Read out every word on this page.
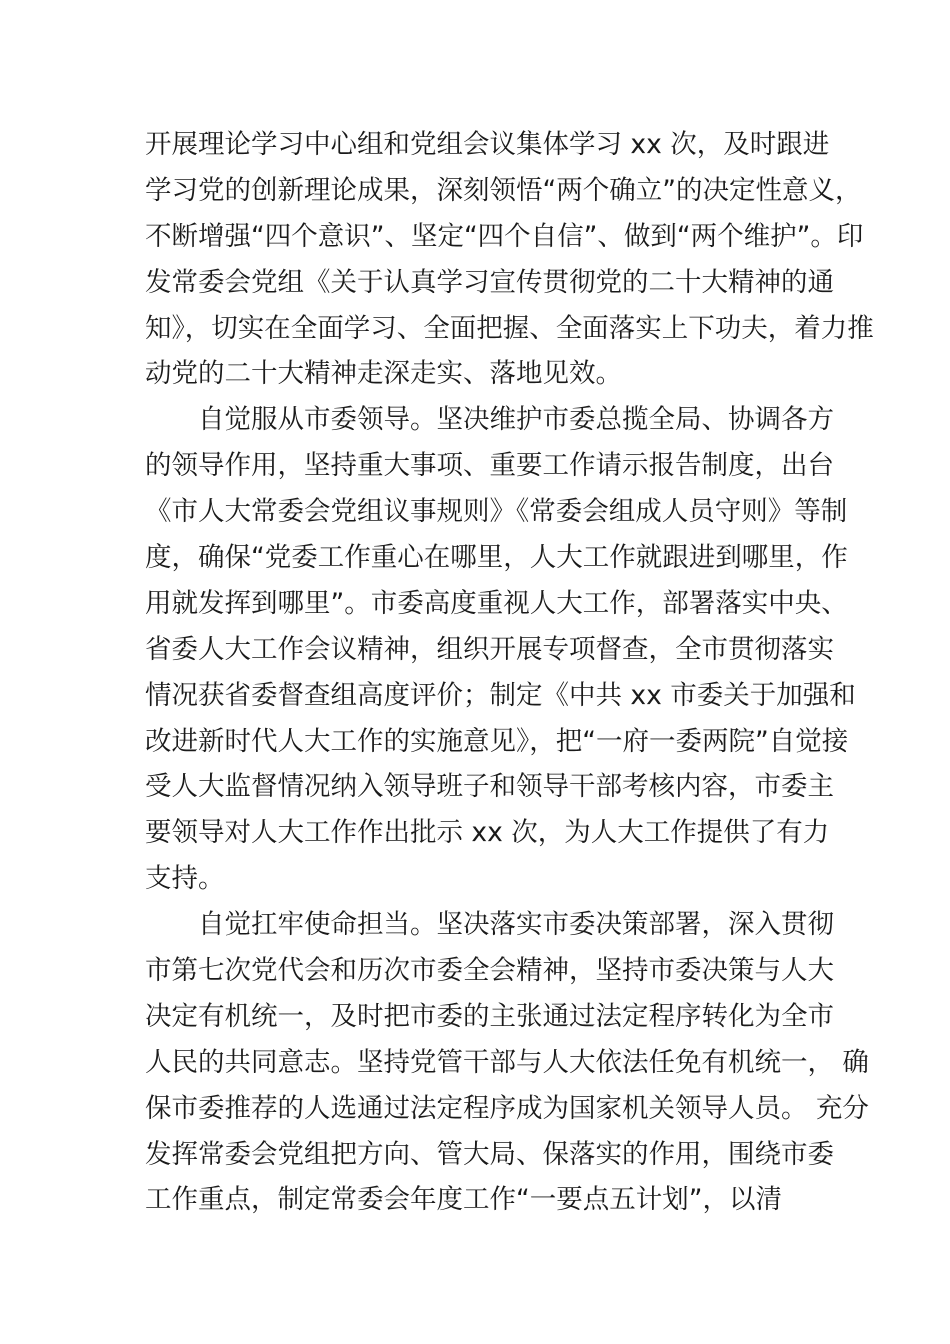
开展理论学习中心组和党组会议集体学习 xx 次，及时跟进
学习党的创新理论成果，深刻领悟“两个确立”的决定性意义，
不断增强“四个意识”、坚定“四个自信”、做到“两个维护”。印
发常委会党组《关于认真学习宣传贯彻党的二十大精神的通
知》，切实在全面学习、全面把握、全面落实上下功夫，着力推
动党的二十大精神走深走实、落地见效。
　　自觉服从市委领导。坚决维护市委总揽全局、协调各方
的领导作用，坚持重大事项、重要工作请示报告制度，出台
《市人大常委会党组议事规则》《常委会组成人员守则》等制
度，确保“党委工作重心在哪里，人大工作就跟进到哪里，作
用就发挥到哪里”。市委高度重视人大工作，部署落实中央、
省委人大工作会议精神，组织开展专项督查，全市贯彻落实
情况获省委督查组高度评价；制定《中共 xx 市委关于加强和
改进新时代人大工作的实施意见》，把“一府一委两院”自觉接
受人大监督情况纳入领导班子和领导干部考核内容，市委主
要领导对人大工作作出批示 xx 次，为人大工作提供了有力
支持。
　　自觉扛牢使命担当。坚决落实市委决策部署，深入贯彻
市第七次党代会和历次市委全会精神，坚持市委决策与人大
决定有机统一，及时把市委的主张通过法定程序转化为全市
人民的共同意志。坚持党管干部与人大依法任免有机统一， 确
保市委推荐的人选通过法定程序成为国家机关领导人员。 充分
发挥常委会党组把方向、管大局、保落实的作用，围绕市委
工作重点，制定常委会年度工作“一要点五计划”，以清
